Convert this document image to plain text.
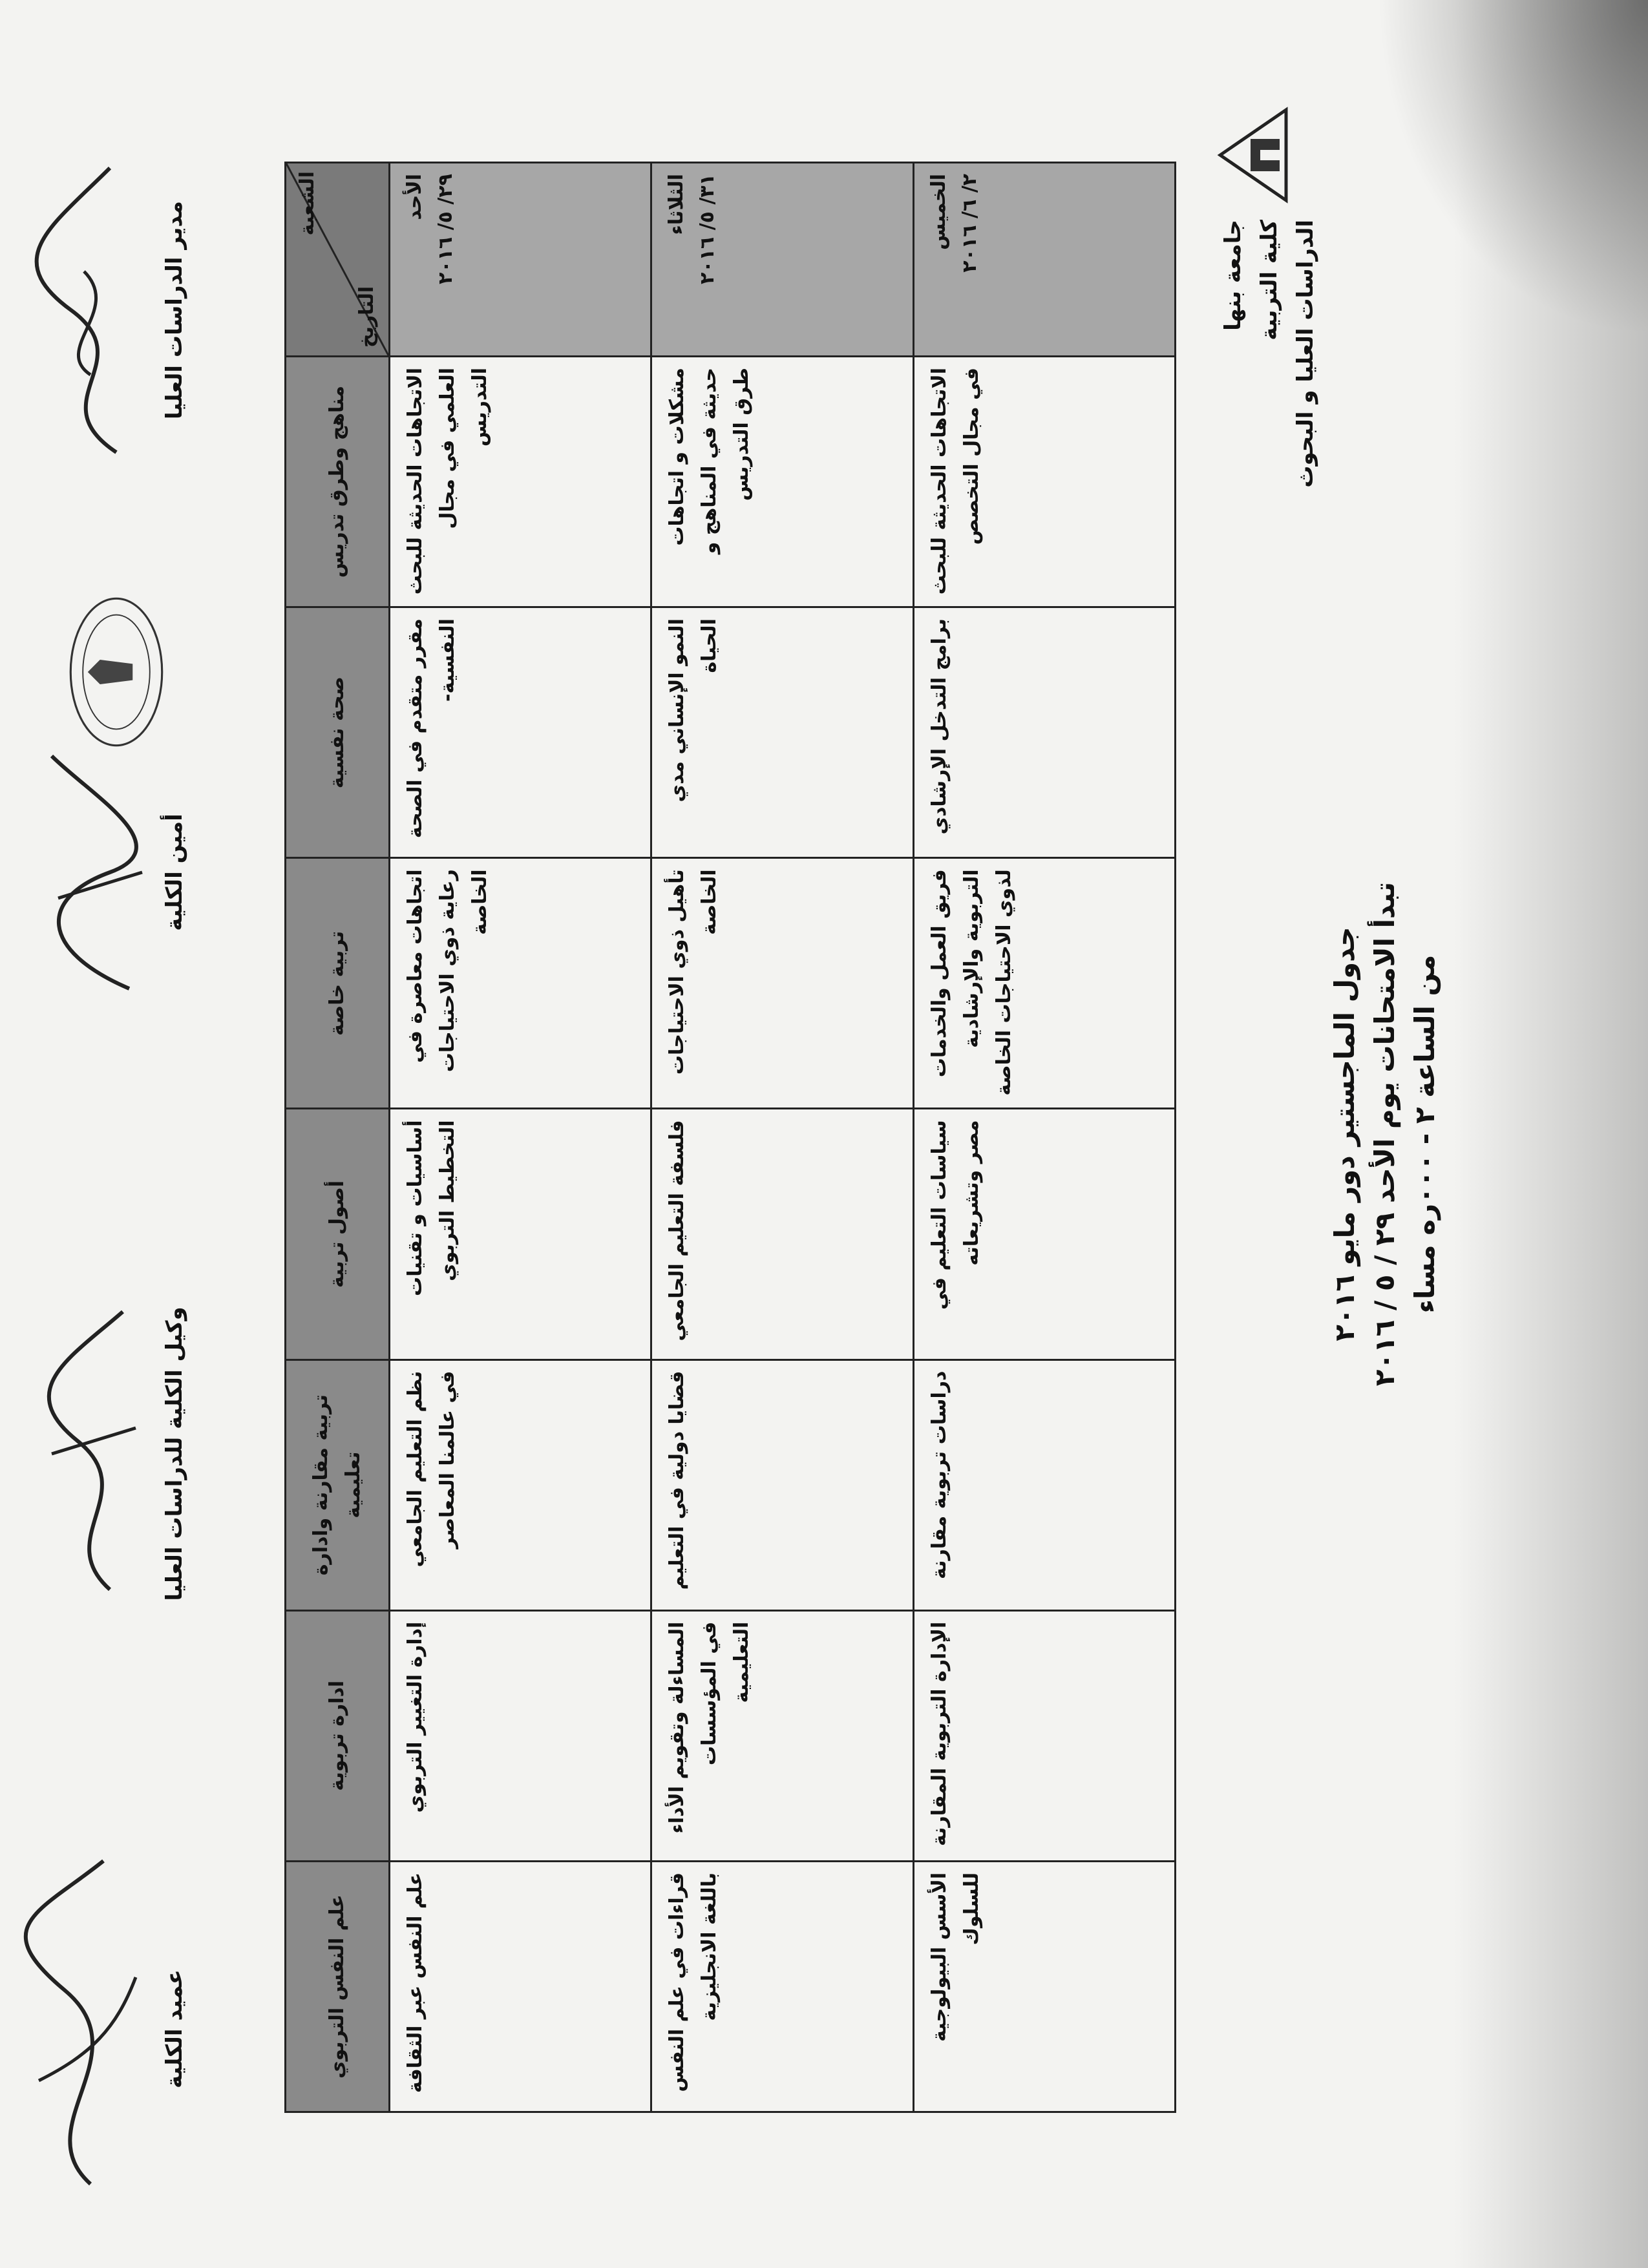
جدول الماجستير دور مايو ٢٠١٦
تبدأ الامتحانات يوم الأحد ٢٩ / ٥ / ٢٠١٦
من الساعة ٢ - ٠٠٠ره مساء
جامعة بنها كلية التربية الدراسات العليا و البحوث
الشعبة
التاريخ	مناهج وطرق تدريس	صحة نفسية	تربية خاصة	أصول تربية	تربية مقارنة وادارة تعليمية	ادارة تربوية	علم النفس التربوي

الأحد
٢٩/ ٥/ ٢٠١٦	الاتجاهات الحديثة للبحث العلمي في مجال التدريس	مقرر متقدم في الصحة النفسية-	اتجاهات معاصرة في رعاية ذوي الاحتياجات الخاصة	أساسيات و تقنيات التخطيط التربوي	نظم التعليم الجامعي في عالمنا المعاصر	إدارة التغيير التربوي	علم النفس عبر الثقافة

الثلاثاء
٣١/ ٥/ ٢٠١٦	مشكلات و اتجاهات حديثة في المناهج و طرق التدريس	النمو الإنساني مدي الحياة	تأهيل ذوي الاحتياجات الخاصة	فلسفة التعليم الجامعي	قضايا دولية في التعليم	المساءلة وتقويم الأداء في المؤسسات التعليمية	قراءات في علم النفس باللغة الانجليزية

الخميس ٢/ ٦/ ٢٠١٦	الاتجاهات الحديثة للبحث في مجال التخصص	برامج التدخل الإرشادي	فريق العمل والخدمات التربوية والإرشادية لذوي الاحتياجات الخاصة	سياسات التعليم في مصر وتشريعاته	دراسات تربوية مقارنة	الإدارة التربوية المقارنة	الأسس البيولوجية للسلوك
مدير الدراسات العليا
أمين الكلية
وكيل الكلية للدراسات العليا
عميد الكلية
